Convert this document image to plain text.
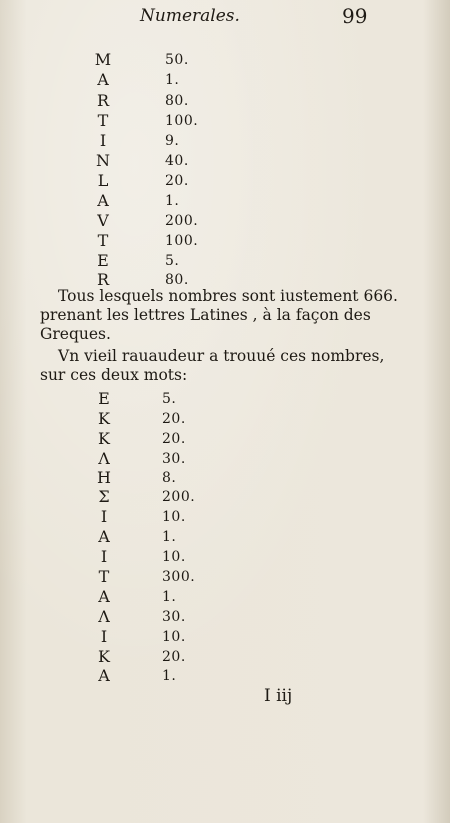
Numerales.	99
M	50.
A	1.
R	80.
T	100.
I	9.
N	40.
L	20.
A	1.
V	200.
T	100.
E	5.
R	80.
Tous lesquels nombres sont iustement 666.
prenant les lettres Latines , à la façon des
Greques.
Vn vieil rauaudeur a trouué ces nombres,
sur ces deux mots:
Ε	5.
Κ	20.
Κ	20.
Λ	30.
Η	8.
Σ	200.
Ι	10.
Α	1.
Ι	10.
Τ	300.
Α	1.
Λ	30.
Ι	10.
Κ	20.
Α	1.
I iij
